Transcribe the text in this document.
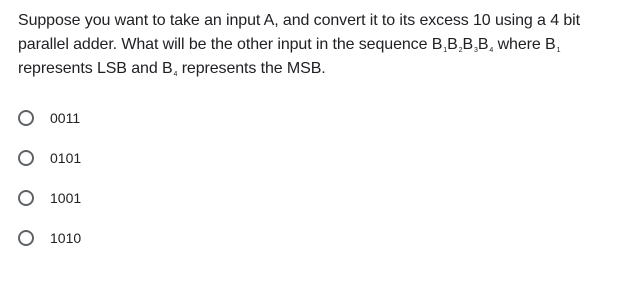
Suppose you want to take an input A, and convert it to its excess 10 using a 4 bit parallel adder. What will be the other input in the sequence $B_1B_2B_3B_4$ where $B_1$ represents LSB and $B_4$ represents the MSB.
0011
0101
1001
1010
